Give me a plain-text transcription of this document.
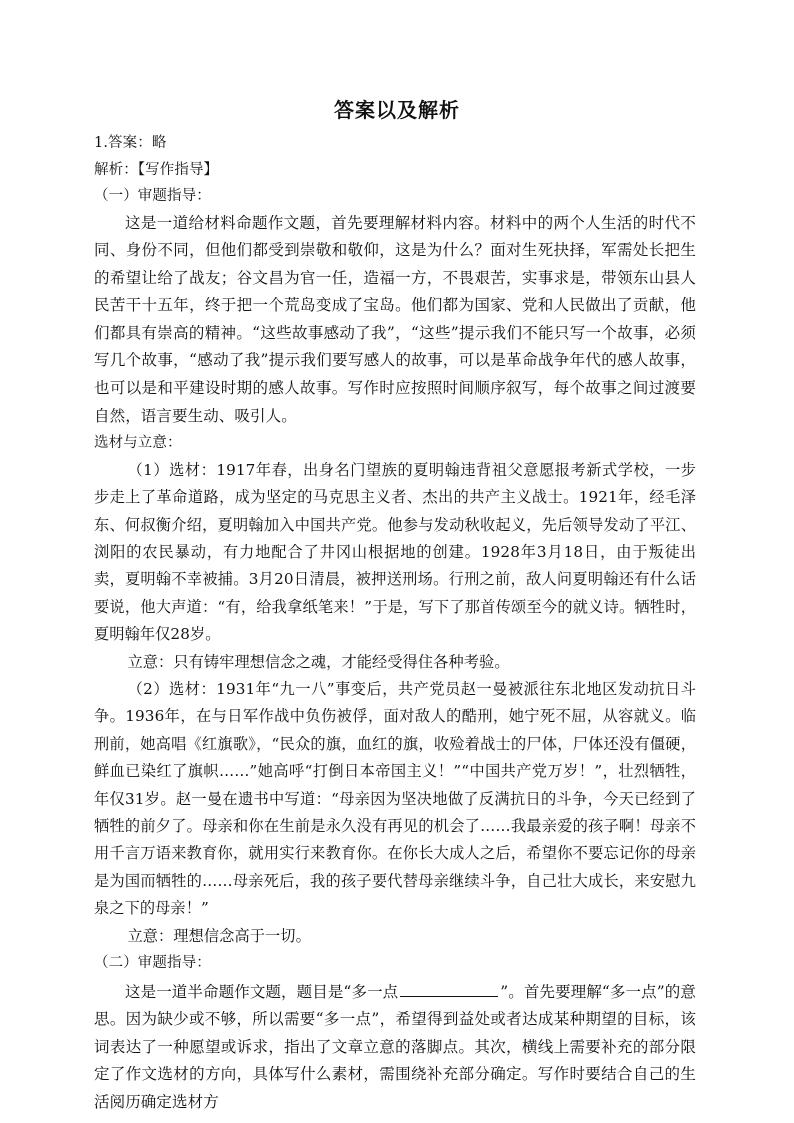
答案以及解析

1.答案：略

解析：【写作指导】

（一）审题指导：

这是一道给材料命题作文题，首先要理解材料内容。材料中的两个人生活的时代不同、身份不同，但他们都受到崇敬和敬仰，这是为什么？面对生死抉择，军需处长把生的希望让给了战友；谷文昌为官一任，造福一方，不畏艰苦，实事求是，带领东山县人民苦干十五年，终于把一个荒岛变成了宝岛。他们都为国家、党和人民做出了贡献，他们都具有崇高的精神。“这些故事感动了我”，“这些”提示我们不能只写一个故事，必须写几个故事，“感动了我”提示我们要写感人的故事，可以是革命战争年代的感人故事，也可以是和平建设时期的感人故事。写作时应按照时间顺序叙写，每个故事之间过渡要自然，语言要生动、吸引人。

选材与立意：

（1）选材：1917年春，出身名门望族的夏明翰违背祖父意愿报考新式学校，一步步走上了革命道路，成为坚定的马克思主义者、杰出的共产主义战士。1921年，经毛泽东、何叔衡介绍，夏明翰加入中国共产党。他参与发动秋收起义，先后领导发动了平江、浏阳的农民暴动，有力地配合了井冈山根据地的创建。1928年3月18日，由于叛徒出卖，夏明翰不幸被捕。3月20日清晨，被押送刑场。行刑之前，敌人问夏明翰还有什么话要说，他大声道：“有，给我拿纸笔来！”于是，写下了那首传颂至今的就义诗。牺牲时，夏明翰年仅28岁。

立意：只有铸牢理想信念之魂，才能经受得住各种考验。

（2）选材：1931年“九一八”事变后，共产党员赵一曼被派往东北地区发动抗日斗争。1936年，在与日军作战中负伤被俘，面对敌人的酷刑，她宁死不屈，从容就义。临刑前，她高唱《红旗歌》，“民众的旗，血红的旗，收殓着战士的尸体，尸体还没有僵硬，鲜血已染红了旗帜……”她高呼“打倒日本帝国主义！”“中国共产党万岁！”，壮烈牺牲，年仅31岁。赵一曼在遗书中写道：“母亲因为坚决地做了反满抗日的斗争，今天已经到了牺牲的前夕了。母亲和你在生前是永久没有再见的机会了……我最亲爱的孩子啊！母亲不用千言万语来教育你，就用实行来教育你。在你长大成人之后，希望你不要忘记你的母亲是为国而牺牲的……母亲死后，我的孩子要代替母亲继续斗争，自己壮大成长，来安慰九泉之下的母亲！”

立意：理想信念高于一切。

（二）审题指导：

这是一道半命题作文题，题目是“多一点	”。首先要理解“多一点”的意思。因为缺少或不够，所以需要“多一点”，希望得到益处或者达成某种期望的目标，该词表达了一种愿望或诉求，指出了文章立意的落脚点。其次，横线上需要补充的部分限定了作文选材的方向，具体写什么素材，需围绕补充部分确定。写作时要结合自己的生活阅历确定选材方
